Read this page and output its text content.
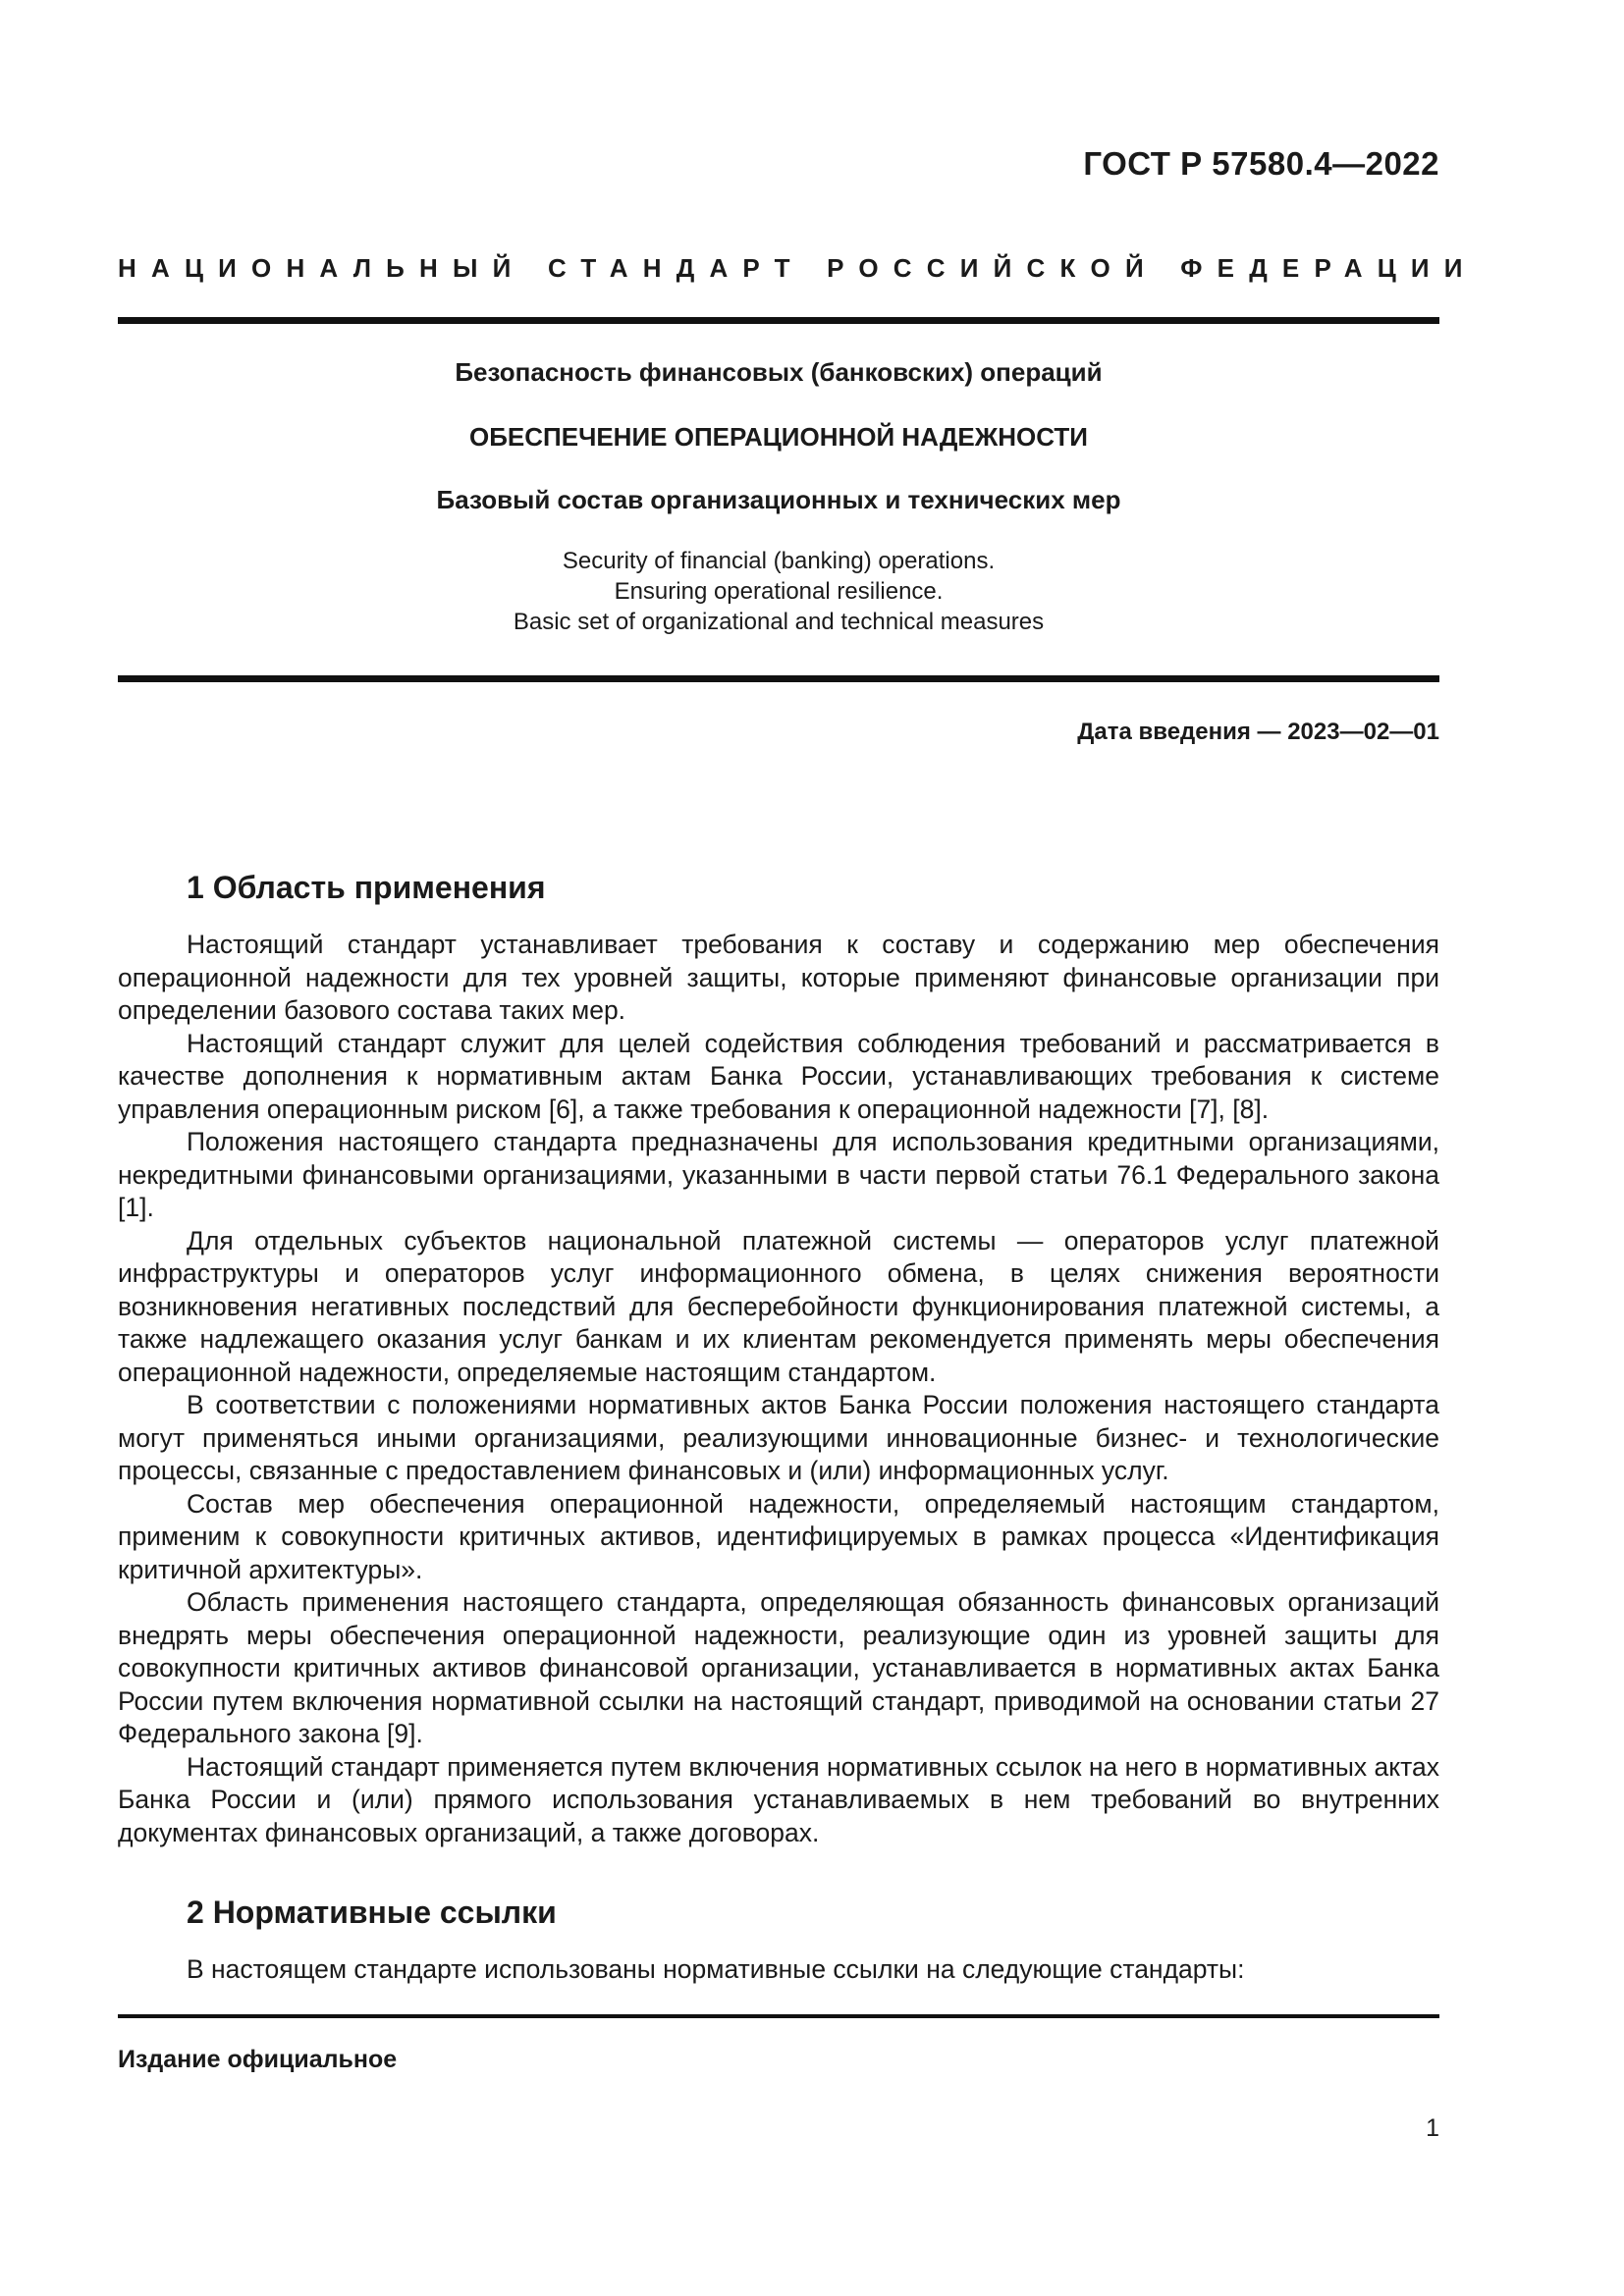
ГОСТ Р 57580.4—2022
НАЦИОНАЛЬНЫЙ СТАНДАРТ РОССИЙСКОЙ ФЕДЕРАЦИИ
Безопасность финансовых (банковских) операций
ОБЕСПЕЧЕНИЕ ОПЕРАЦИОННОЙ НАДЕЖНОСТИ
Базовый состав организационных и технических мер
Security of financial (banking) operations.
Ensuring operational resilience.
Basic set of organizational and technical measures
Дата введения — 2023—02—01
1 Область применения

Настоящий стандарт устанавливает требования к составу и содержанию мер обеспечения операционной надежности для тех уровней защиты, которые применяют финансовые организации при определении базового состава таких мер.

Настоящий стандарт служит для целей содействия соблюдения требований и рассматривается в качестве дополнения к нормативным актам Банка России, устанавливающих требования к системе управления операционным риском [6], а также требования к операционной надежности [7], [8].

Положения настоящего стандарта предназначены для использования кредитными организациями, некредитными финансовыми организациями, указанными в части первой статьи 76.1 Федерального закона [1].

Для отдельных субъектов национальной платежной системы — операторов услуг платежной инфраструктуры и операторов услуг информационного обмена, в целях снижения вероятности возникновения негативных последствий для бесперебойности функционирования платежной системы, а также надлежащего оказания услуг банкам и их клиентам рекомендуется применять меры обеспечения операционной надежности, определяемые настоящим стандартом.

В соответствии с положениями нормативных актов Банка России положения настоящего стандарта могут применяться иными организациями, реализующими инновационные бизнес- и технологические процессы, связанные с предоставлением финансовых и (или) информационных услуг.

Состав мер обеспечения операционной надежности, определяемый настоящим стандартом, применим к совокупности критичных активов, идентифицируемых в рамках процесса «Идентификация критичной архитектуры».

Область применения настоящего стандарта, определяющая обязанность финансовых организаций внедрять меры обеспечения операционной надежности, реализующие один из уровней защиты для совокупности критичных активов финансовой организации, устанавливается в нормативных актах Банка России путем включения нормативной ссылки на настоящий стандарт, приводимой на основании статьи 27 Федерального закона [9].

Настоящий стандарт применяется путем включения нормативных ссылок на него в нормативных актах Банка России и (или) прямого использования устанавливаемых в нем требований во внутренних документах финансовых организаций, а также договорах.

2 Нормативные ссылки

В настоящем стандарте использованы нормативные ссылки на следующие стандарты:

Издание официальное
1
